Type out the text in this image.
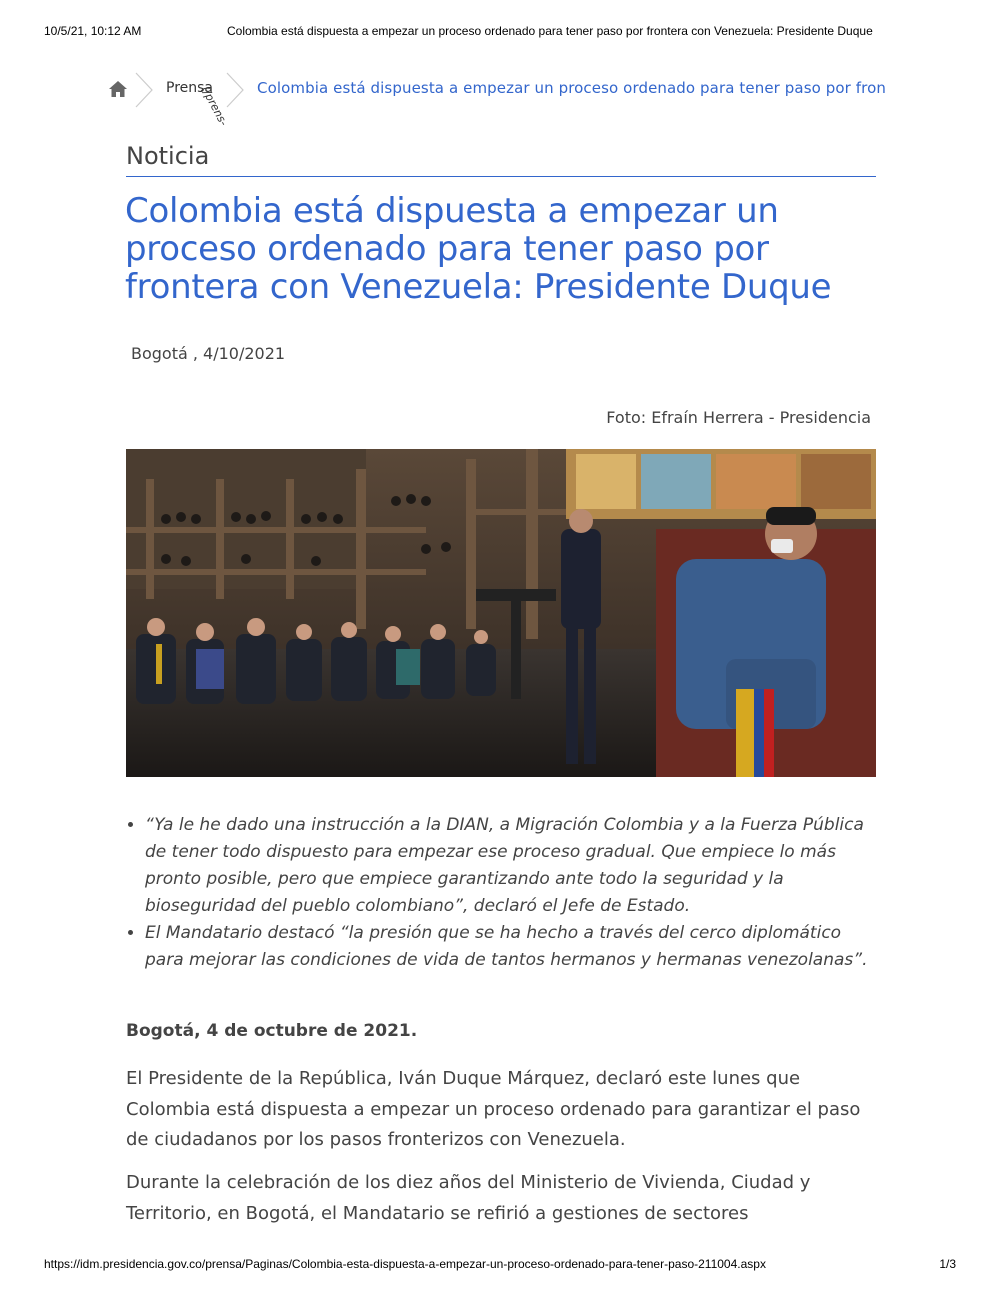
10/5/21, 10:12 AM	Colombia está dispuesta a empezar un proceso ordenado para tener paso por frontera con Venezuela: Presidente Duque
Prensa
(/prens- Colombia está dispuesta a empezar un proceso ordenado para tener paso por fron
Noticia
Colombia está dispuesta a empezar un proceso ordenado para tener paso por frontera con Venezuela: Presidente Duque
Bogotá , 4/10/2021
Foto: Efraín Herrera - Presidencia
• “Ya le he dado una instrucción a la DIAN, a Migración Colombia y a la Fuerza Pública de tener todo dispuesto para empezar ese proceso gradual. Que empiece lo más pronto posible, pero que empiece garantizando ante todo la seguridad y la bioseguridad del pueblo colombiano”, declaró el Jefe de Estado.
• El Mandatario destacó “la presión que se ha hecho a través del cerco diplomático para mejorar las condiciones de vida de tantos hermanos y hermanas venezolanas”.

Bogotá, 4 de octubre de 2021.

El Presidente de la República, Iván Duque Márquez, declaró este lunes que Colombia está dispuesta a empezar un proceso ordenado para garantizar el paso de ciudadanos por los pasos fronterizos con Venezuela.

Durante la celebración de los diez años del Ministerio de Vivienda, Ciudad y Territorio, en Bogotá, el Mandatario se refirió a gestiones de sectores

https://idm.presidencia.gov.co/prensa/Paginas/Colombia-esta-dispuesta-a-empezar-un-proceso-ordenado-para-tener-paso-211004.aspx	1/3
